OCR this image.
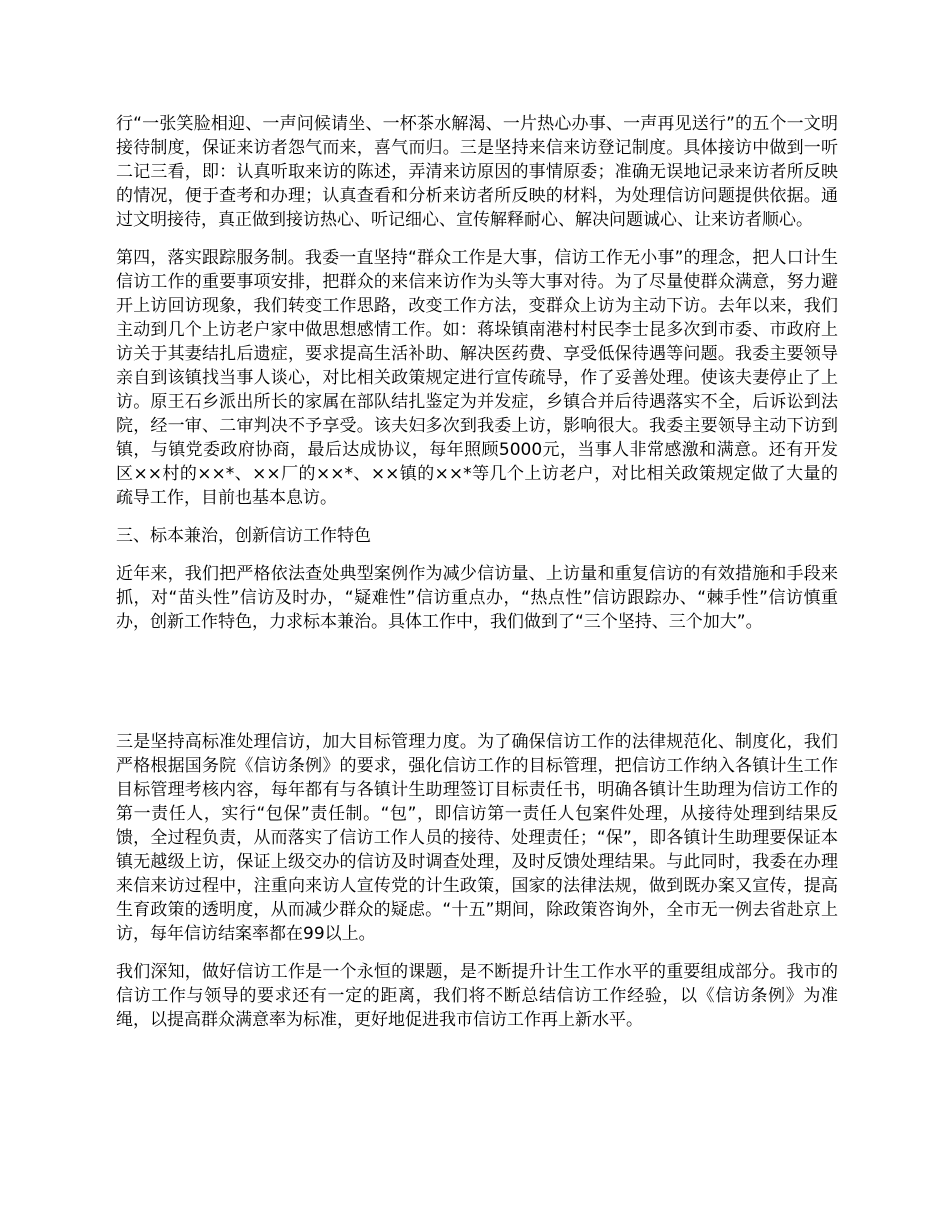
行“一张笑脸相迎、一声问候请坐、一杯茶水解渴、一片热心办事、一声再见送行”的五个一文明接待制度，保证来访者怨气而来，喜气而归。三是坚持来信来访登记制度。具体接访中做到一听二记三看，即：认真听取来访的陈述，弄清来访原因的事情原委；准确无误地记录来访者所反映的情况，便于查考和办理；认真查看和分析来访者所反映的材料，为处理信访问题提供依据。通过文明接待，真正做到接访热心、听记细心、宣传解释耐心、解决问题诚心、让来访者顺心。

第四，落实跟踪服务制。我委一直坚持“群众工作是大事，信访工作无小事”的理念，把人口计生信访工作的重要事项安排，把群众的来信来访作为头等大事对待。为了尽量使群众满意，努力避开上访回访现象，我们转变工作思路，改变工作方法，变群众上访为主动下访。去年以来，我们主动到几个上访老户家中做思想感情工作。如：蒋垛镇南港村村民李士昆多次到市委、市政府上访关于其妻结扎后遗症，要求提高生活补助、解决医药费、享受低保待遇等问题。我委主要领导亲自到该镇找当事人谈心，对比相关政策规定进行宣传疏导，作了妥善处理。使该夫妻停止了上访。原王石乡派出所长的家属在部队结扎鉴定为并发症，乡镇合并后待遇落实不全，后诉讼到法院，经一审、二审判决不予享受。该夫妇多次到我委上访，影响很大。我委主要领导主动下访到镇，与镇党委政府协商，最后达成协议，每年照顾5000元，当事人非常感激和满意。还有开发区××村的××*、××厂的××*、××镇的××*等几个上访老户，对比相关政策规定做了大量的疏导工作，目前也基本息访。

三、标本兼治，创新信访工作特色

近年来，我们把严格依法查处典型案例作为减少信访量、上访量和重复信访的有效措施和手段来抓，对“苗头性”信访及时办，“疑难性”信访重点办，“热点性”信访跟踪办、“棘手性”信访慎重办，创新工作特色，力求标本兼治。具体工作中，我们做到了“三个坚持、三个加大”。

三是坚持高标准处理信访，加大目标管理力度。为了确保信访工作的法律规范化、制度化，我们严格根据国务院《信访条例》的要求，强化信访工作的目标管理，把信访工作纳入各镇计生工作目标管理考核内容，每年都有与各镇计生助理签订目标责任书，明确各镇计生助理为信访工作的第一责任人，实行“包保”责任制。“包”，即信访第一责任人包案件处理，从接待处理到结果反馈，全过程负责，从而落实了信访工作人员的接待、处理责任；“保”，即各镇计生助理要保证本镇无越级上访，保证上级交办的信访及时调查处理，及时反馈处理结果。与此同时，我委在办理来信来访过程中，注重向来访人宣传党的计生政策，国家的法律法规，做到既办案又宣传，提高生育政策的透明度，从而减少群众的疑虑。“十五”期间，除政策咨询外，全市无一例去省赴京上访，每年信访结案率都在99以上。

我们深知，做好信访工作是一个永恒的课题，是不断提升计生工作水平的重要组成部分。我市的信访工作与领导的要求还有一定的距离，我们将不断总结信访工作经验，以《信访条例》为准绳，以提高群众满意率为标准，更好地促进我市信访工作再上新水平。
